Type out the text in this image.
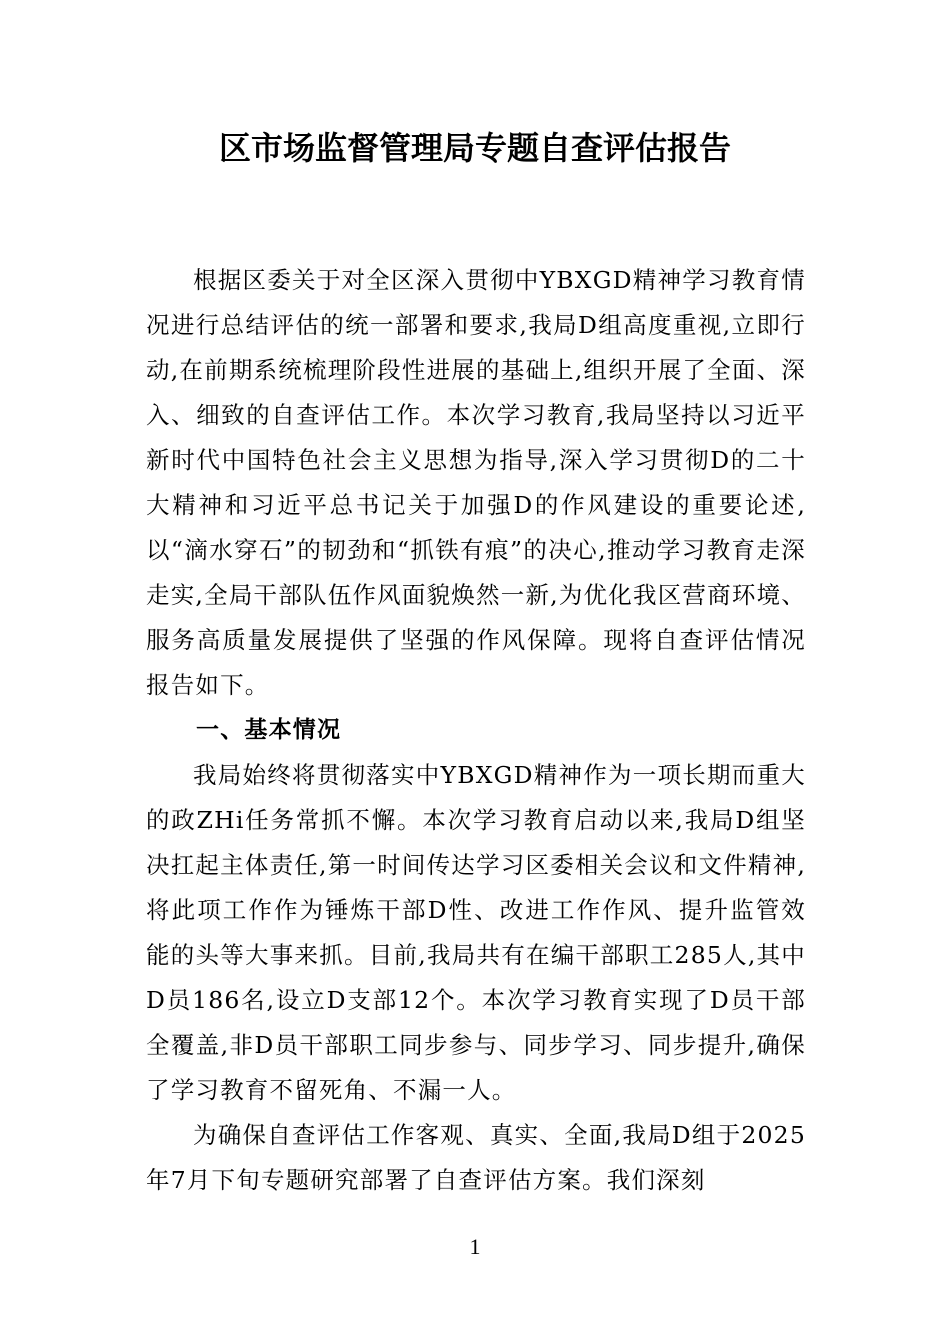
区市场监督管理局专题自查评估报告

根据区委关于对全区深入贯彻中YBXGD精神学习教育情况进行总结评估的统一部署和要求,我局D组高度重视,立即行动,在前期系统梳理阶段性进展的基础上,组织开展了全面、深入、细致的自查评估工作。本次学习教育,我局坚持以习近平新时代中国特色社会主义思想为指导,深入学习贯彻D的二十大精神和习近平总书记关于加强D的作风建设的重要论述,以“滴水穿石”的韧劲和“抓铁有痕”的决心,推动学习教育走深走实,全局干部队伍作风面貌焕然一新,为优化我区营商环境、服务高质量发展提供了坚强的作风保障。现将自查评估情况报告如下。

一、基本情况

我局始终将贯彻落实中YBXGD精神作为一项长期而重大的政ZHi任务常抓不懈。本次学习教育启动以来,我局D组坚决扛起主体责任,第一时间传达学习区委相关会议和文件精神,将此项工作作为锤炼干部D性、改进工作作风、提升监管效能的头等大事来抓。目前,我局共有在编干部职工285人,其中D员186名,设立D支部12个。本次学习教育实现了D员干部全覆盖,非D员干部职工同步参与、同步学习、同步提升,确保了学习教育不留死角、不漏一人。

为确保自查评估工作客观、真实、全面,我局D组于2025年7月下旬专题研究部署了自查评估方案。我们深刻

1
